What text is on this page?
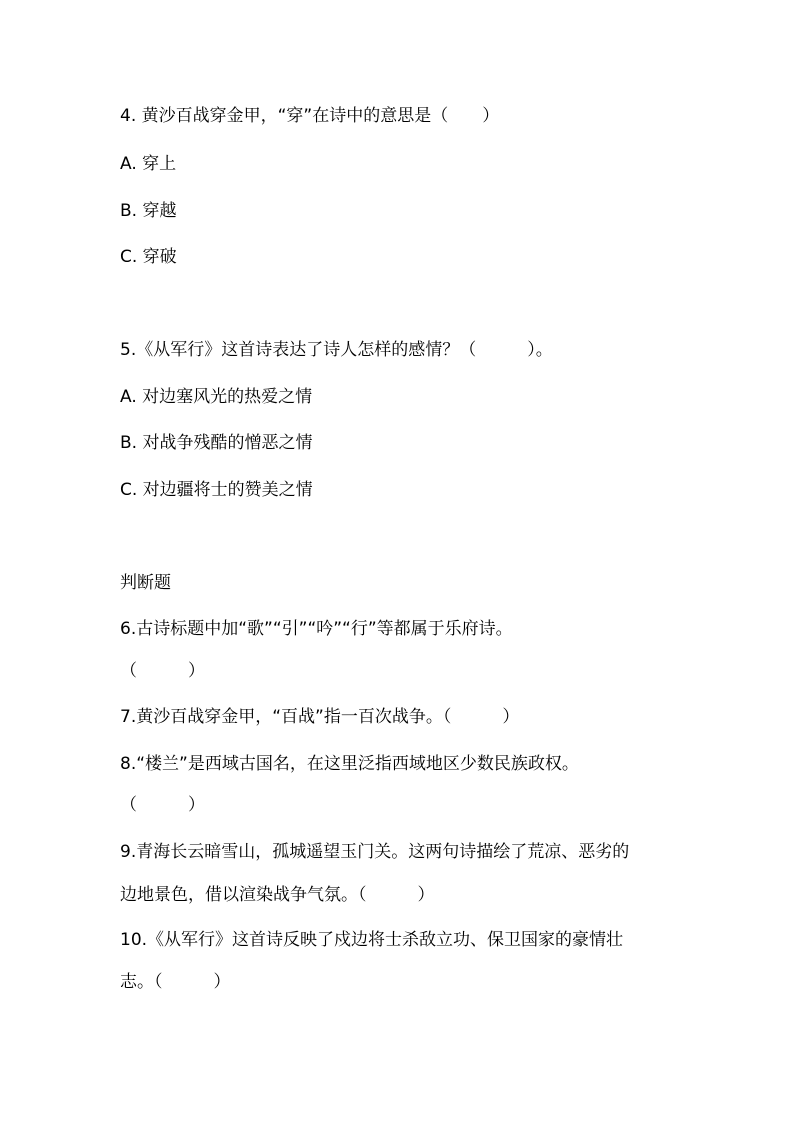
4. 黄沙百战穿金甲，“穿”在诗中的意思是（　　）
A. 穿上
B. 穿越
C. 穿破
5.《从军行》这首诗表达了诗人怎样的感情？（　　　）。
A. 对边塞风光的热爱之情
B. 对战争残酷的憎恶之情
C. 对边疆将士的赞美之情
判断题
6.古诗标题中加“歌”“引”“吟”“行”等都属于乐府诗。
（　　　）
7.黄沙百战穿金甲，“百战”指一百次战争。（　　　）
8.“楼兰”是西域古国名，在这里泛指西域地区少数民族政权。
（　　　）
9.青海长云暗雪山，孤城遥望玉门关。这两句诗描绘了荒凉、恶劣的
边地景色，借以渲染战争气氛。（　　　）
10.《从军行》这首诗反映了戍边将士杀敌立功、保卫国家的豪情壮
志。（　　　）
